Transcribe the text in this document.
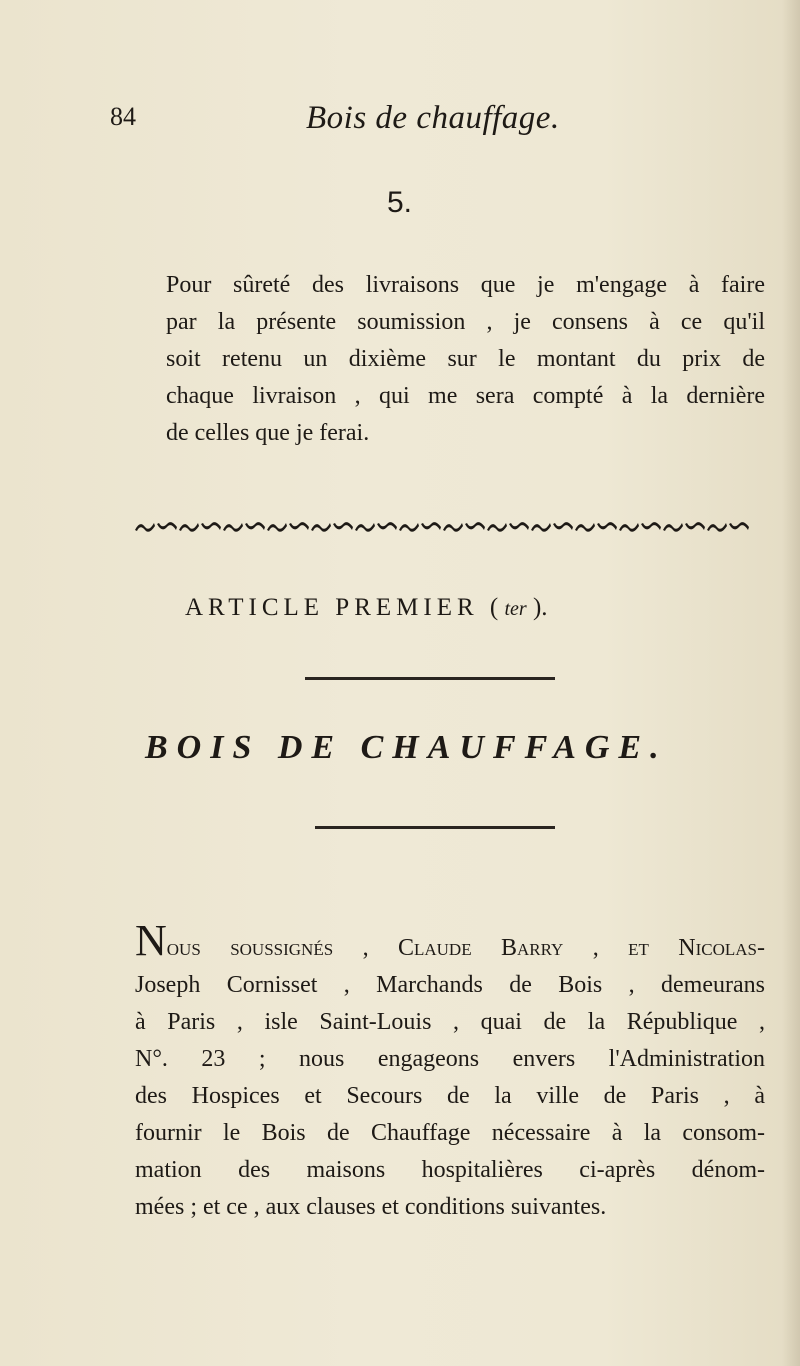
84	Bois de chauffage.
5.
Pour sûreté des livraisons que je m'engage à faire
par la présente soumission , je consens à ce qu'il
soit retenu un dixième sur le montant du prix de
chaque livraison , qui me sera compté à la dernière
de celles que je ferai.
ARTICLE PREMIER ( ter ).
BOIS DE CHAUFFAGE.
Nous soussignés , Claude Barry , et Nicolas-
Joseph Cornisset , Marchands de Bois , demeurans
à Paris , isle Saint-Louis , quai de la République ,
N°. 23 ; nous engageons envers l'Administration
des Hospices et Secours de la ville de Paris , à
fournir le Bois de Chauffage nécessaire à la consom-
mation des maisons hospitalières ci-après dénom-
mées ; et ce , aux clauses et conditions suivantes.
